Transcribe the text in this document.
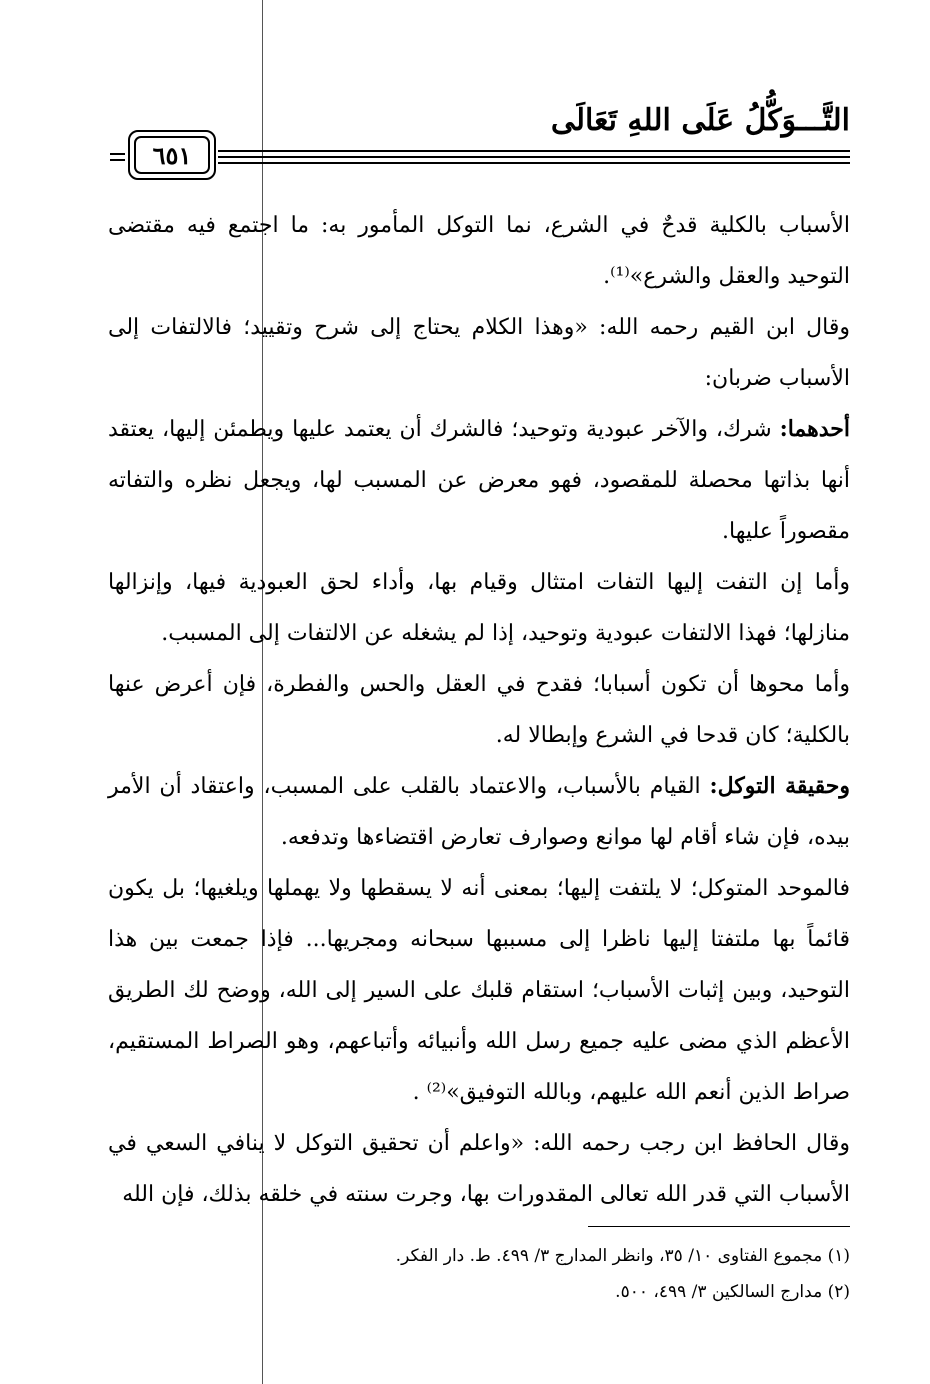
التَّـــوَكُّلُ عَلَى اللهِ تَعَالَى
٦٥١

الأسباب بالكلية قدحٌ في الشرع، نما التوكل المأمور به: ما اجتمع فيه مقتضى التوحيد والعقل والشرع»⁽¹⁾.

وقال ابن القيم رحمه الله: «وهذا الكلام يحتاج إلى شرح وتقييد؛ فالالتفات إلى الأسباب ضربان:

أحدهما: شرك، والآخر عبودية وتوحيد؛ فالشرك أن يعتمد عليها ويطمئن إليها، يعتقد أنها بذاتها محصلة للمقصود، فهو معرض عن المسبب لها، ويجعل نظره والتفاته مقصوراً عليها.

وأما إن التفت إليها التفات امتثال وقيام بها، وأداء لحق العبودية فيها، وإنزالها منازلها؛ فهذا الالتفات عبودية وتوحيد، إذا لم يشغله عن الالتفات إلى المسبب.

وأما محوها أن تكون أسبابا؛ فقدح في العقل والحس والفطرة، فإن أعرض عنها بالكلية؛ كان قدحا في الشرع وإبطالا له.

وحقيقة التوكل: القيام بالأسباب، والاعتماد بالقلب على المسبب، واعتقاد أن الأمر بيده، فإن شاء أقام لها موانع وصوارف تعارض اقتضاءها وتدفعه.

فالموحد المتوكل؛ لا يلتفت إليها؛ بمعنى أنه لا يسقطها ولا يهملها ويلغيها؛ بل يكون قائماً بها ملتفتا إليها ناظرا إلى مسببها سبحانه ومجريها... فإذا جمعت بين هذا التوحيد، وبين إثبات الأسباب؛ استقام قلبك على السير إلى الله، ووضح لك الطريق الأعظم الذي مضى عليه جميع رسل الله وأنبيائه وأتباعهم، وهو الصراط المستقيم، صراط الذين أنعم الله عليهم، وبالله التوفيق»⁽²⁾ .

وقال الحافظ ابن رجب رحمه الله: «واعلم أن تحقيق التوكل لا ينافي السعي في الأسباب التي قدر الله تعالى المقدورات بها، وجرت سنته في خلقه بذلك، فإن الله

(١) مجموع الفتاوى ١٠/ ٣٥، وانظر المدارج ٣/ ٤٩٩. ط. دار الفكر.
(٢) مدارج السالكين ٣/ ٤٩٩، ٥٠٠.
